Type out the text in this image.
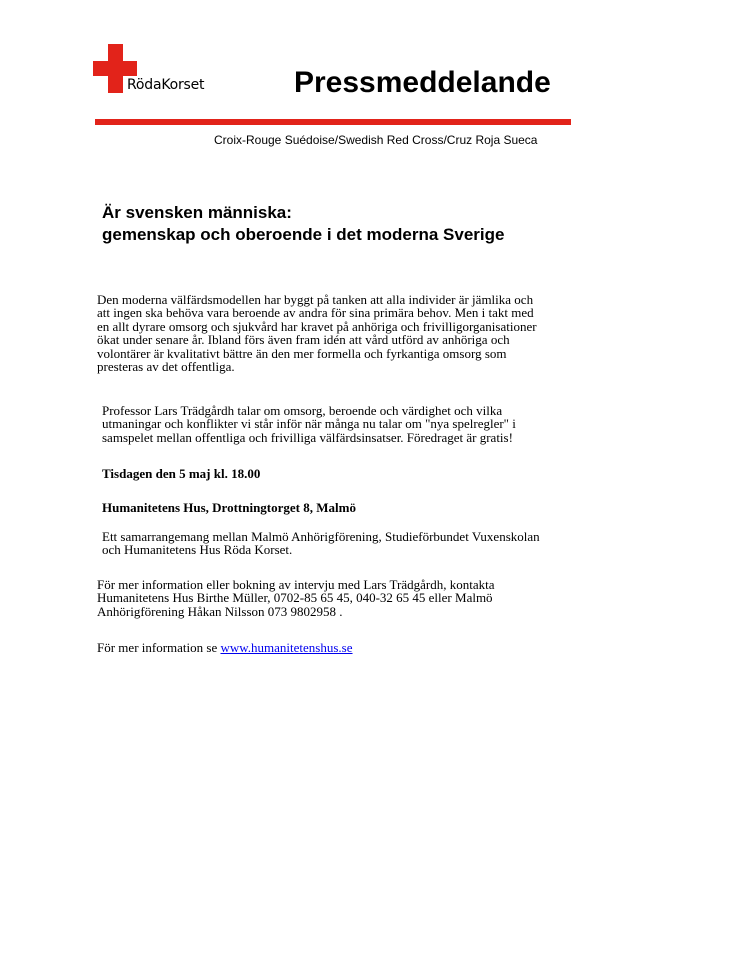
RödaKorset	Pressmeddelande
Croix-Rouge Suédoise/Swedish Red Cross/Cruz Roja Sueca
Är svensken människa:
gemenskap och oberoende i det moderna Sverige

Den moderna välfärdsmodellen har byggt på tanken att alla individer är jämlika och
att ingen ska behöva vara beroende av andra för sina primära behov. Men i takt med
en allt dyrare omsorg och sjukvård har kravet på anhöriga och frivilligorganisationer
ökat under senare år. Ibland förs även fram idén att vård utförd av anhöriga och
volontärer är kvalitativt bättre än den mer formella och fyrkantiga omsorg som
presteras av det offentliga.

Professor Lars Trädgårdh talar om omsorg, beroende och värdighet och vilka
utmaningar och konflikter vi står inför när många nu talar om "nya spelregler" i
samspelet mellan offentliga och frivilliga välfärdsinsatser. Föredraget är gratis!

Tisdagen den 5 maj kl. 18.00

Humanitetens Hus, Drottningtorget 8, Malmö

Ett samarrangemang mellan Malmö Anhörigförening, Studieförbundet Vuxenskolan
och Humanitetens Hus Röda Korset.

För mer information eller bokning av intervju med Lars Trädgårdh, kontakta
Humanitetens Hus Birthe Müller, 0702-85 65 45, 040-32 65 45 eller Malmö
Anhörigförening Håkan Nilsson 073 9802958 .

För mer information se www.humanitetenshus.se
